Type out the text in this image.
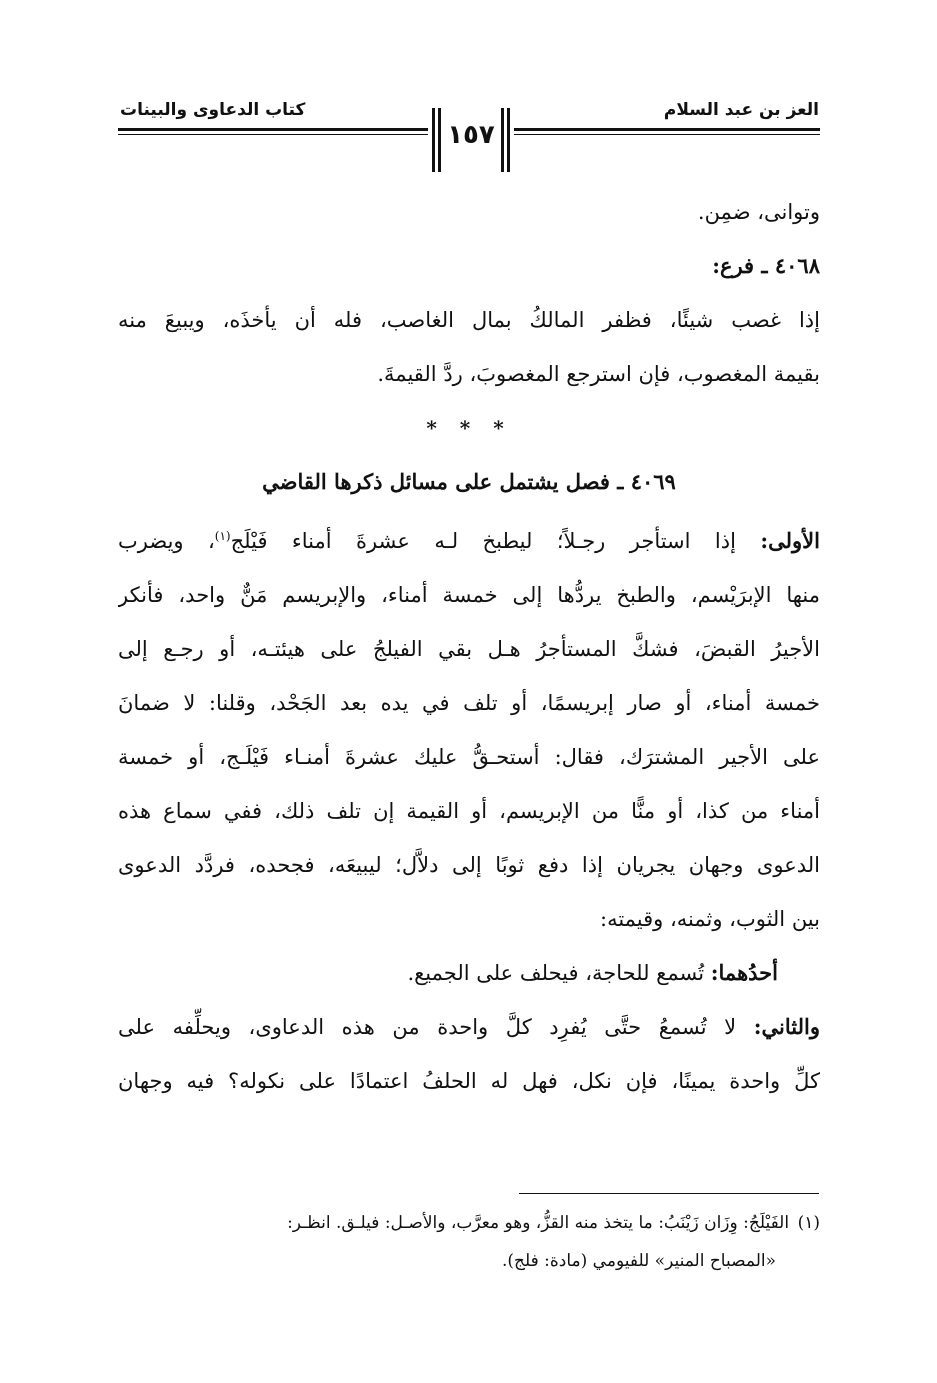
العز بن عبد السلام
كتاب الدعاوى والبينات
١٥٧
وتوانى، ضمِن.
٤٠٦٨ ـ فرع:
إذا غصب شيئًا، فظفر المالكُ بمال الغاصب، فله أن يأخذَه، ويبيعَ منه
بقيمة المغصوب، فإن استرجع المغصوبَ، ردَّ القيمةَ.
* * *
٤٠٦٩ ـ فصل يشتمل على مسائل ذكرها القاضي
الأولى: إذا استأجر رجـلاً؛ ليطبخ لـه عشرةَ أمناء فَيْلَج$^{(١)}$، ويضرب
منها الإبرَيْسم، والطبخ يردُّها إلى خمسة أمناء، والإبريسم مَنٌّ واحد، فأنكر
الأجيرُ القبضَ، فشكَّ المستأجرُ هـل بقي الفيلجُ على هيئتـه، أو رجـع إلى
خمسة أمناء، أو صار إبريسمًا، أو تلف في يده بعد الجَحْد، وقلنا: لا ضمانَ
على الأجير المشترَك، فقال: أستحـقُّ عليك عشرةَ أمنـاء فَيْلَـج، أو خمسة
أمناء من كذا، أو منًّا من الإبريسم، أو القيمة إن تلف ذلك، ففي سماع هذه
الدعوى وجهان يجريان إذا دفع ثوبًا إلى دلاَّل؛ ليبيعَه، فجحده، فردَّد الدعوى
بين الثوب، وثمنه، وقيمته:
  أحدُهما: تُسمع للحاجة، فيحلف على الجميع.
والثاني: لا تُسمعُ حتَّى يُفرِد كلَّ واحدة من هذه الدعاوى، ويحلِّفه على
كلِّ واحدة يمينًا، فإن نكل، فهل له الحلفُ اعتمادًا على نكوله؟ فيه وجهان
(١) الفَيْلَجُ: وِزَان زَيْنَبُ: ما يتخذ منه القزُّ، وهو معرَّب، والأصـل: فيلـق. انظـر:
«المصباح المنير» للفيومي (مادة: فلج).
